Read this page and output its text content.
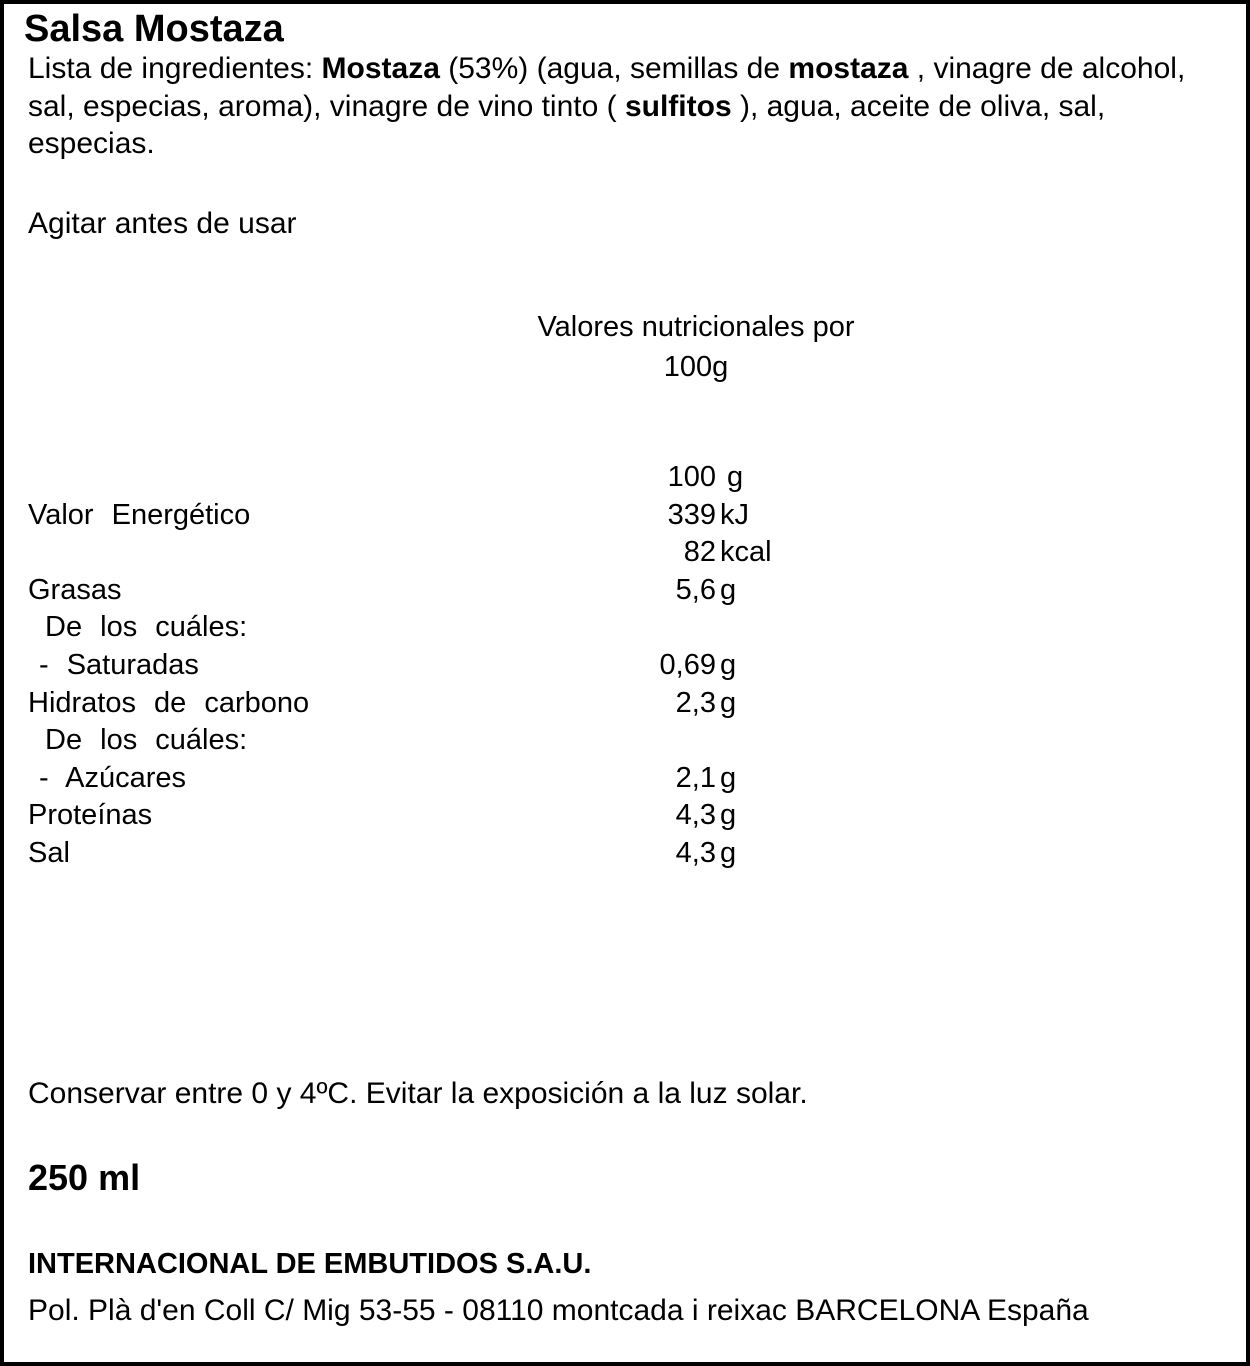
Salsa Mostaza
Lista de ingredientes: Mostaza (53%) (agua, semillas de mostaza , vinagre de alcohol, sal, especias, aroma), vinagre de vino tinto ( sulfitos ), agua, aceite de oliva, sal, especias.
Agitar antes de usar
Valores nutricionales por
100g
100 g
Valor Energético	339 kJ
82 kcal
Grasas	5,6 g
De los cuáles:
- Saturadas	0,69 g
Hidratos de carbono	2,3 g
De los cuáles:
- Azúcares	2,1 g
Proteínas	4,3 g
Sal	4,3 g
Conservar entre 0 y 4ºC. Evitar la exposición a la luz solar.
250 ml
INTERNACIONAL DE EMBUTIDOS S.A.U.
Pol. Plà d'en Coll C/ Mig 53-55 - 08110 montcada i reixac BARCELONA España
